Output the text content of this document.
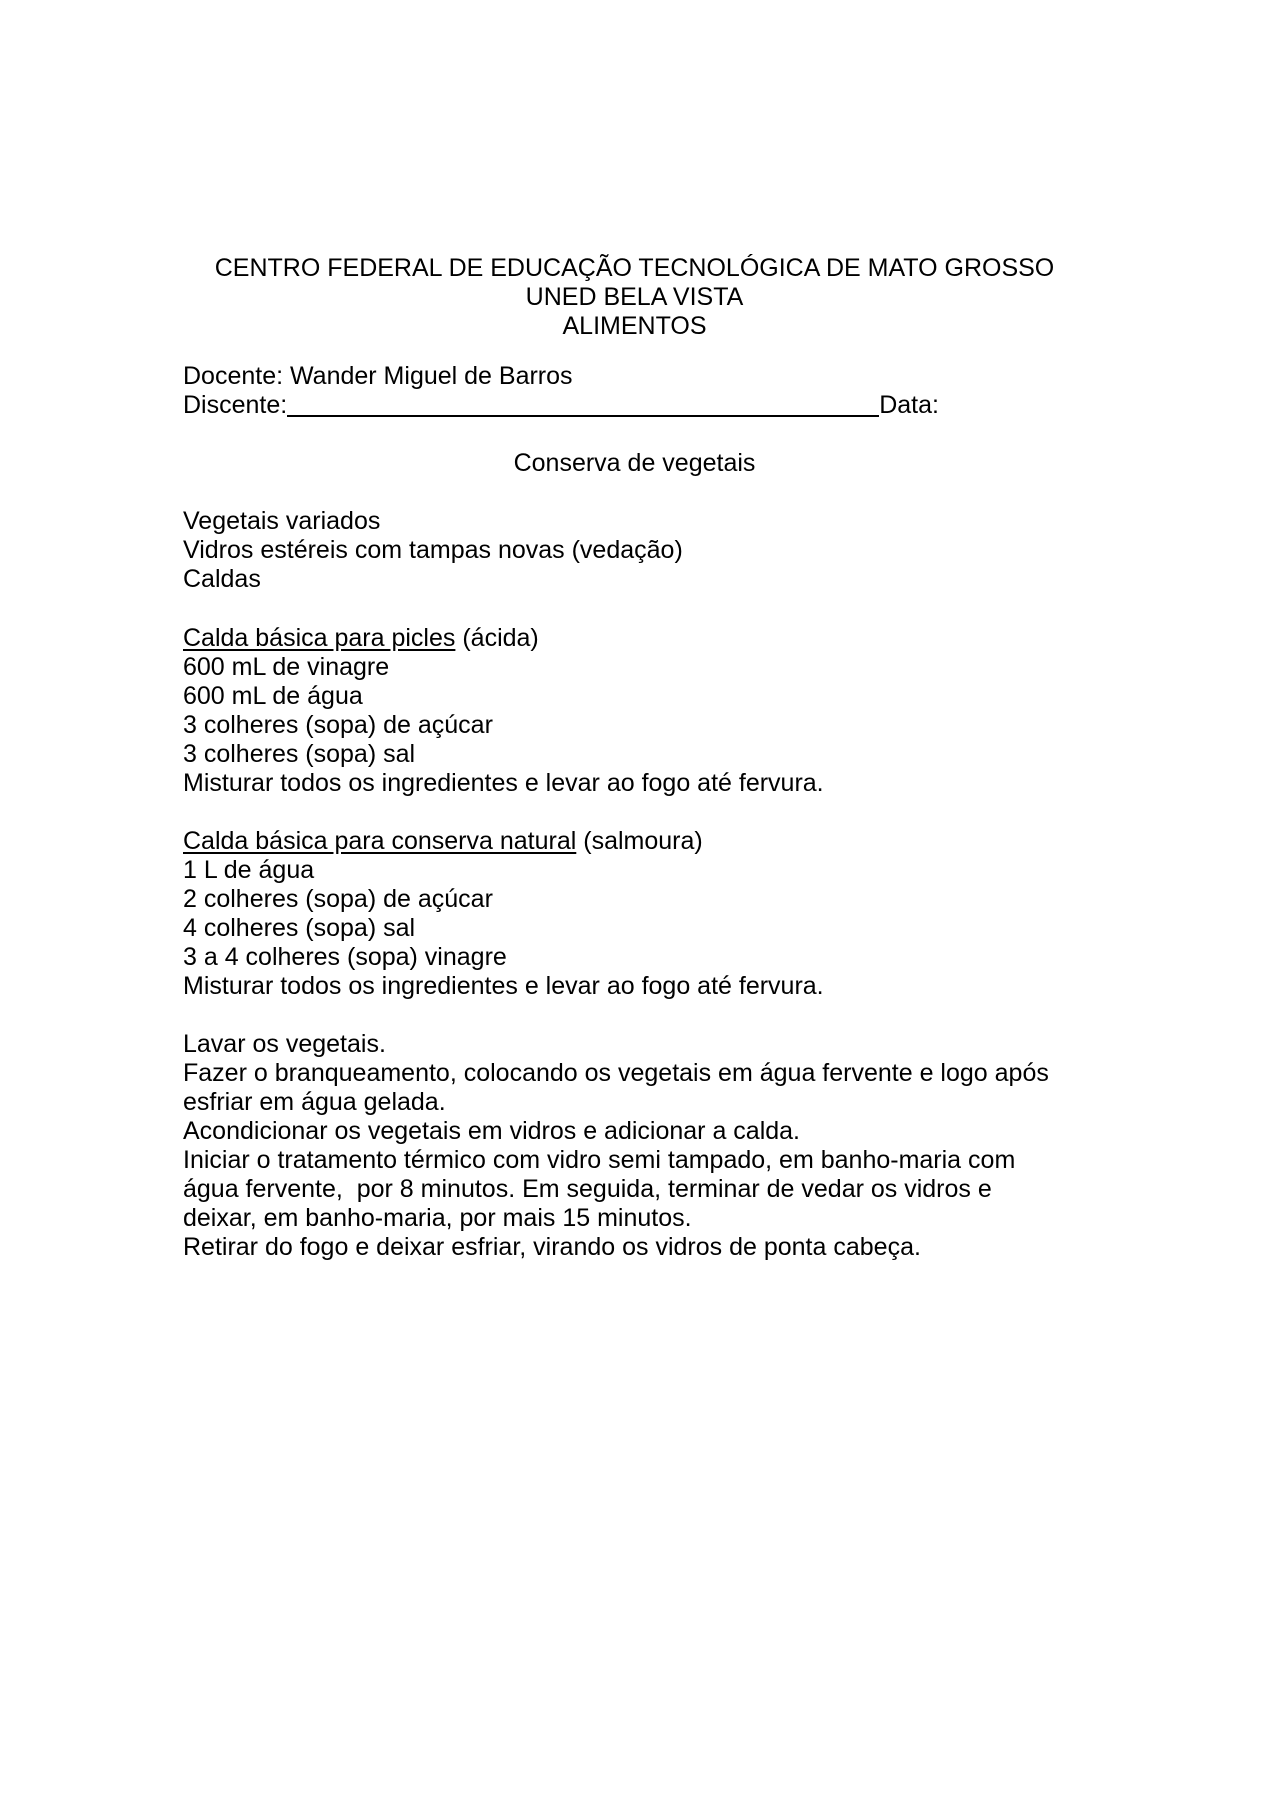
CENTRO FEDERAL DE EDUCAÇÃO TECNOLÓGICA DE MATO GROSSO
UNED BELA VISTA
ALIMENTOS
Docente: Wander Miguel de Barros
Discente:	Data:
Conserva de vegetais
Vegetais variados
Vidros estéreis com tampas novas (vedação)
Caldas
Calda básica para picles (ácida)
600 mL de vinagre
600 mL de água
3 colheres (sopa) de açúcar
3 colheres (sopa) sal
Misturar todos os ingredientes e levar ao fogo até fervura.
Calda básica para conserva natural (salmoura)
1 L de água
2 colheres (sopa) de açúcar
4 colheres (sopa) sal
3 a 4 colheres (sopa) vinagre
Misturar todos os ingredientes e levar ao fogo até fervura.
Lavar os vegetais.
Fazer o branqueamento, colocando os vegetais em água fervente e logo após
esfriar em água gelada.
Acondicionar os vegetais em vidros e adicionar a calda.
Iniciar o tratamento térmico com vidro semi tampado, em banho-maria com
água fervente,  por 8 minutos. Em seguida, terminar de vedar os vidros e
deixar, em banho-maria, por mais 15 minutos.
Retirar do fogo e deixar esfriar, virando os vidros de ponta cabeça.
